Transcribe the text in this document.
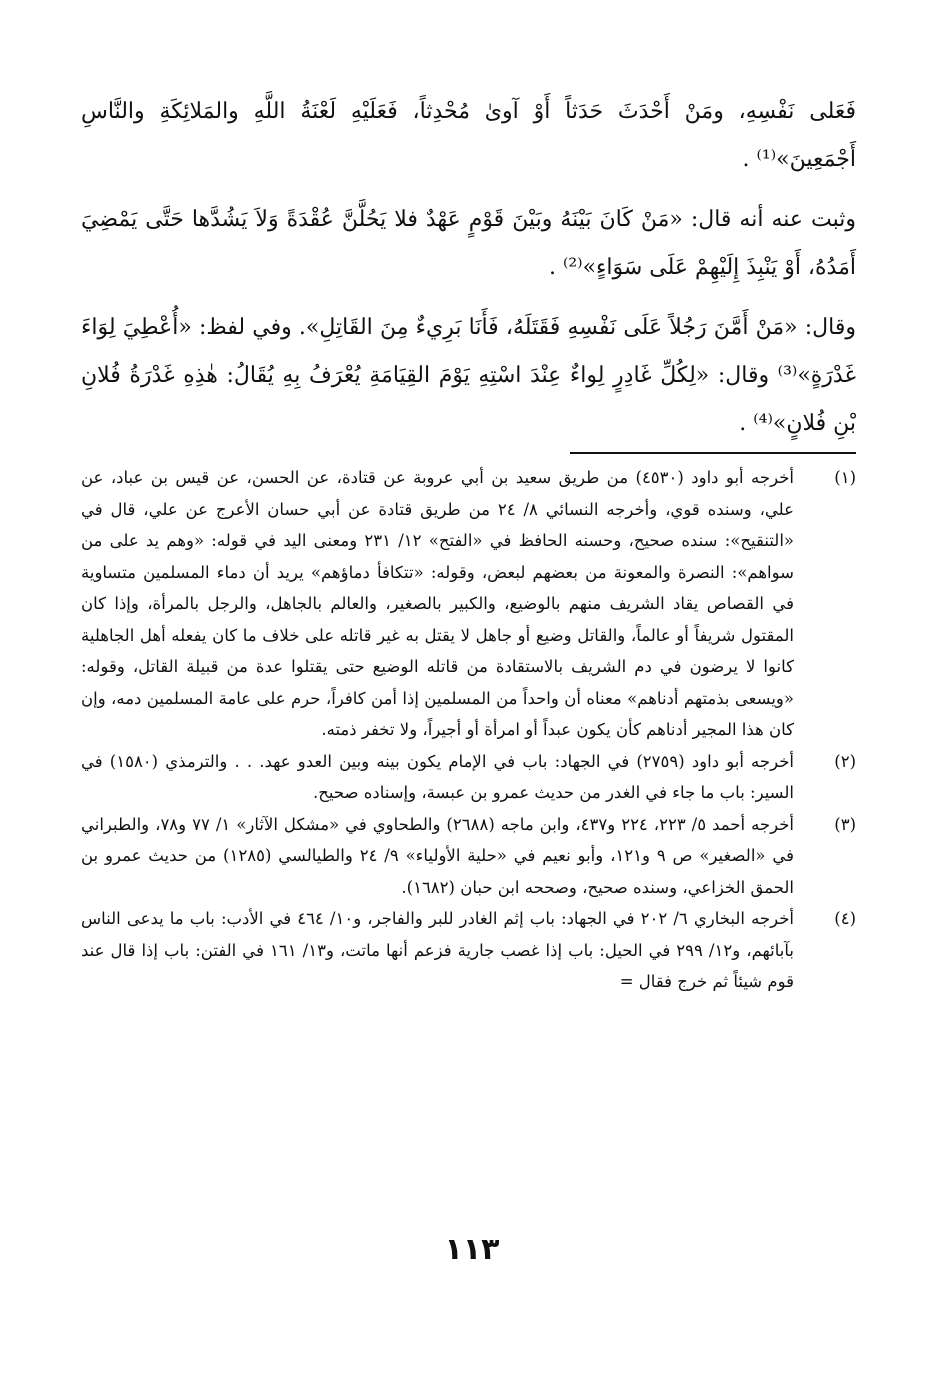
فَعَلى نَفْسِهِ، ومَنْ أَحْدَثَ حَدَثاً أَوْ آوىٰ مُحْدِثاً، فَعَلَيْهِ لَعْنَةُ اللَّهِ والمَلائِكَةِ والنَّاسِ أَجْمَعِينَ»⁽¹⁾ .

وثبت عنه أنه قال: «مَنْ كَانَ بَيْنَهُ وبَيْنَ قَوْمٍ عَهْدٌ فلا يَحُلَّنَّ عُقْدَةً وَلاَ يَشُدَّها حَتَّى يَمْضِيَ أَمَدُهُ، أَوْ يَنْبِذَ إِلَيْهِمْ عَلَى سَوَاءٍ»⁽²⁾ .

وقال: «مَنْ أَمَّنَ رَجُلاً عَلَى نَفْسِهِ فَقَتَلَهُ، فَأَنَا بَرِيءٌ مِنَ القَاتِلِ». وفي لفظ: «أُعْطِيَ لِوَاءَ غَدْرَةٍ»⁽³⁾ وقال: «لِكُلِّ غَادِرٍ لِواءٌ عِنْدَ اسْتِهِ يَوْمَ القِيَامَةِ يُعْرَفُ بِهِ يُقَالُ: هٰذِهِ غَدْرَةُ فُلانِ بْنِ فُلانٍ»⁽⁴⁾ .

(١)
أخرجه أبو داود (٤٥٣٠) من طريق سعيد بن أبي عروبة عن قتادة، عن الحسن، عن قيس بن عباد، عن علي، وسنده قوي، وأخرجه النسائي ٨/ ٢٤ من طريق قتادة عن أبي حسان الأعرج عن علي، قال في «التنقيح»: سنده صحيح، وحسنه الحافظ في «الفتح» ١٢/ ٢٣١ ومعنى اليد في قوله: «وهم يد على من سواهم»: النصرة والمعونة من بعضهم لبعض، وقوله: «تتكافأ دماؤهم» يريد أن دماء المسلمين متساوية في القصاص يقاد الشريف منهم بالوضيع، والكبير بالصغير، والعالم بالجاهل، والرجل بالمرأة، وإذا كان المقتول شريفاً أو عالماً، والقاتل وضيع أو جاهل لا يقتل به غير قاتله على خلاف ما كان يفعله أهل الجاهلية كانوا لا يرضون في دم الشريف بالاستقادة من قاتله الوضيع حتى يقتلوا عدة من قبيلة القاتل، وقوله: «ويسعى بذمتهم أدناهم» معناه أن واحداً من المسلمين إذا أمن كافراً، حرم على عامة المسلمين دمه، وإن كان هذا المجير أدناهم كأن يكون عبداً أو امرأة أو أجيراً، ولا تخفر ذمته.
(٢)
أخرجه أبو داود (٢٧٥٩) في الجهاد: باب في الإمام يكون بينه وبين العدو عهد. . . والترمذي (١٥٨٠) في السير: باب ما جاء في الغدر من حديث عمرو بن عبسة، وإسناده صحيح.
(٣)
أخرجه أحمد ٥/ ٢٢٣، ٢٢٤ و٤٣٧، وابن ماجه (٢٦٨٨) والطحاوي في «مشكل الآثار» ١/ ٧٧ و٧٨، والطبراني في «الصغير» ص ٩ و١٢١، وأبو نعيم في «حلية الأولياء» ٩/ ٢٤ والطيالسي (١٢٨٥) من حديث عمرو بن الحمق الخزاعي، وسنده صحيح، وصححه ابن حبان (١٦٨٢).
(٤)
أخرجه البخاري ٦/ ٢٠٢ في الجهاد: باب إثم الغادر للبر والفاجر، و١٠/ ٤٦٤ في الأدب: باب ما يدعى الناس بآبائهم، و١٢/ ٢٩٩ في الحيل: باب إذا غصب جارية فزعم أنها ماتت، و١٣/ ١٦١ في الفتن: باب إذا قال عند قوم شيئاً ثم خرج فقال =
١١٣
